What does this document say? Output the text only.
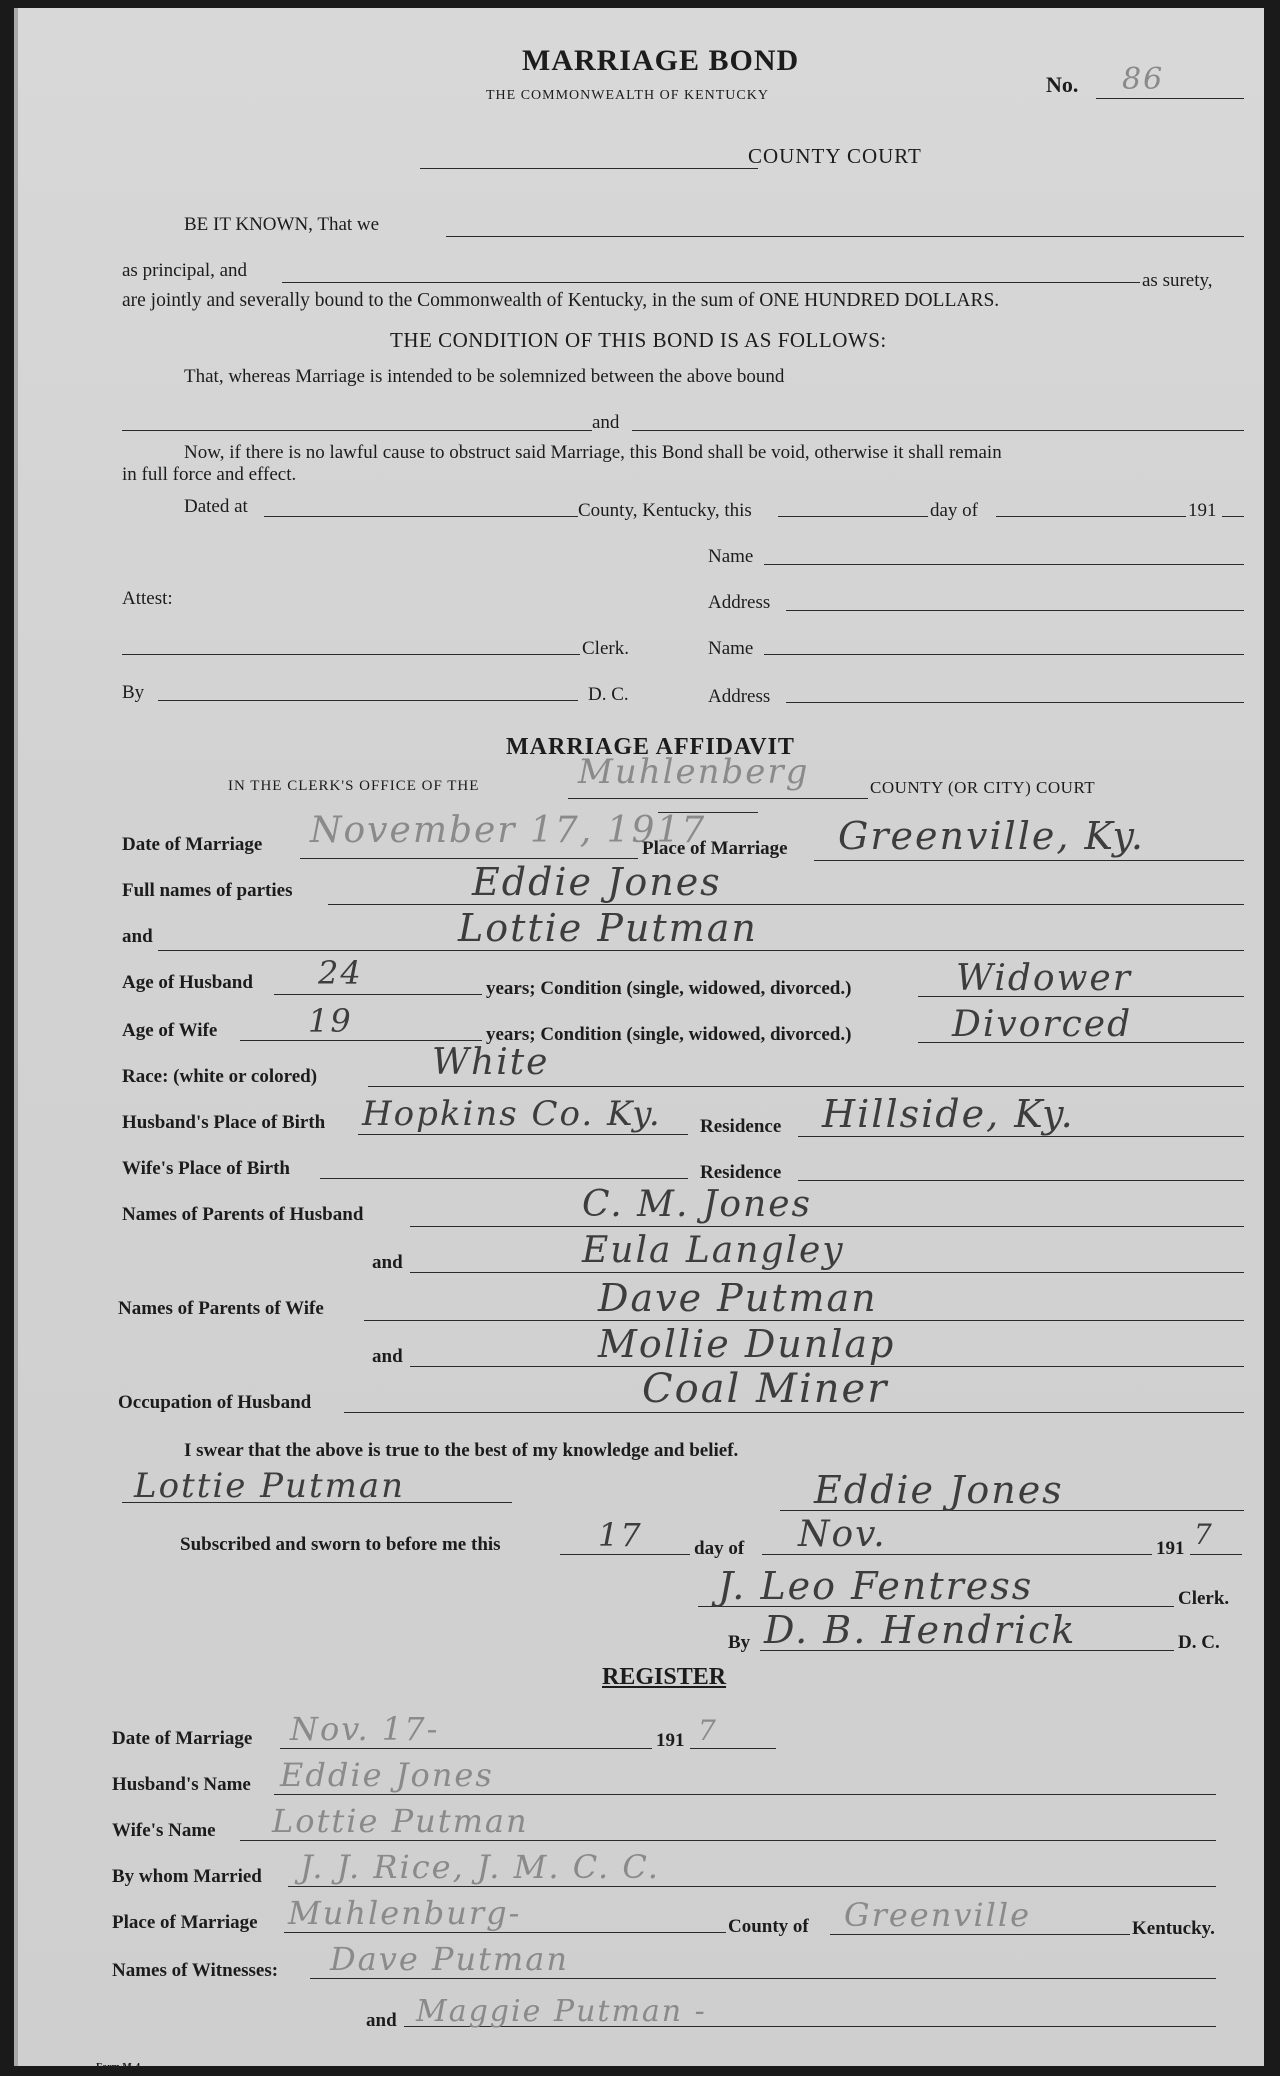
MARRIAGE BOND
THE COMMONWEALTH OF KENTUCKY	No. 86
COUNTY COURT
BE IT KNOWN, That we
as principal, and	as surety,
are jointly and severally bound to the Commonwealth of Kentucky, in the sum of ONE HUNDRED DOLLARS.
THE CONDITION OF THIS BOND IS AS FOLLOWS:
That, whereas Marriage is intended to be solemnized between the above bound
and
Now, if there is no lawful cause to obstruct said Marriage, this Bond shall be void, otherwise it shall remain
in full force and effect.
Dated at	County, Kentucky, this	day of	191
Name
Attest:	Address
Clerk.	Name
By	D. C.	Address
MARRIAGE AFFIDAVIT
IN THE CLERK'S OFFICE OF THE	Muhlenberg	COUNTY (OR CITY) COURT
Date of Marriage November 17, 1917
Place of Marriage Greenville, Ky.
Full names of parties	Eddie Jones
and	Lottie Putman
Age of Husband 24	years; Condition (single, widowed, divorced.)	Widower
Age of Wife	19	years; Condition (single, widowed, divorced.)	Divorced
Race: (white or colored)	White
Husband's Place of Birth Hopkins Co. Ky. Residence Hillside, Ky.
Wife's Place of Birth	Residence
Names of Parents of Husband	C. M. Jones
and	Eula Langley
Names of Parents of Wife	Dave Putman
and	Mollie Dunlap
Occupation of Husband	Coal Miner
I swear that the above is true to the best of my knowledge and belief.
Lottie Putman	Eddie Jones
Subscribed and sworn to before me this	17	day of Nov.	191 7
J. Leo Fentress	Clerk.
By D. B. Hendrick	D. C.
REGISTER
Date of Marriage Nov. 17-	191 7
Husband's Name Eddie Jones
Wife's Name Lottie Putman
By whom Married J. J. Rice, J. M. C. C.
Place of Marriage Muhlenburg-	County of Greenville	Kentucky.
Names of Witnesses: Dave Putman
and Maggie Putman -
Form M-4.
